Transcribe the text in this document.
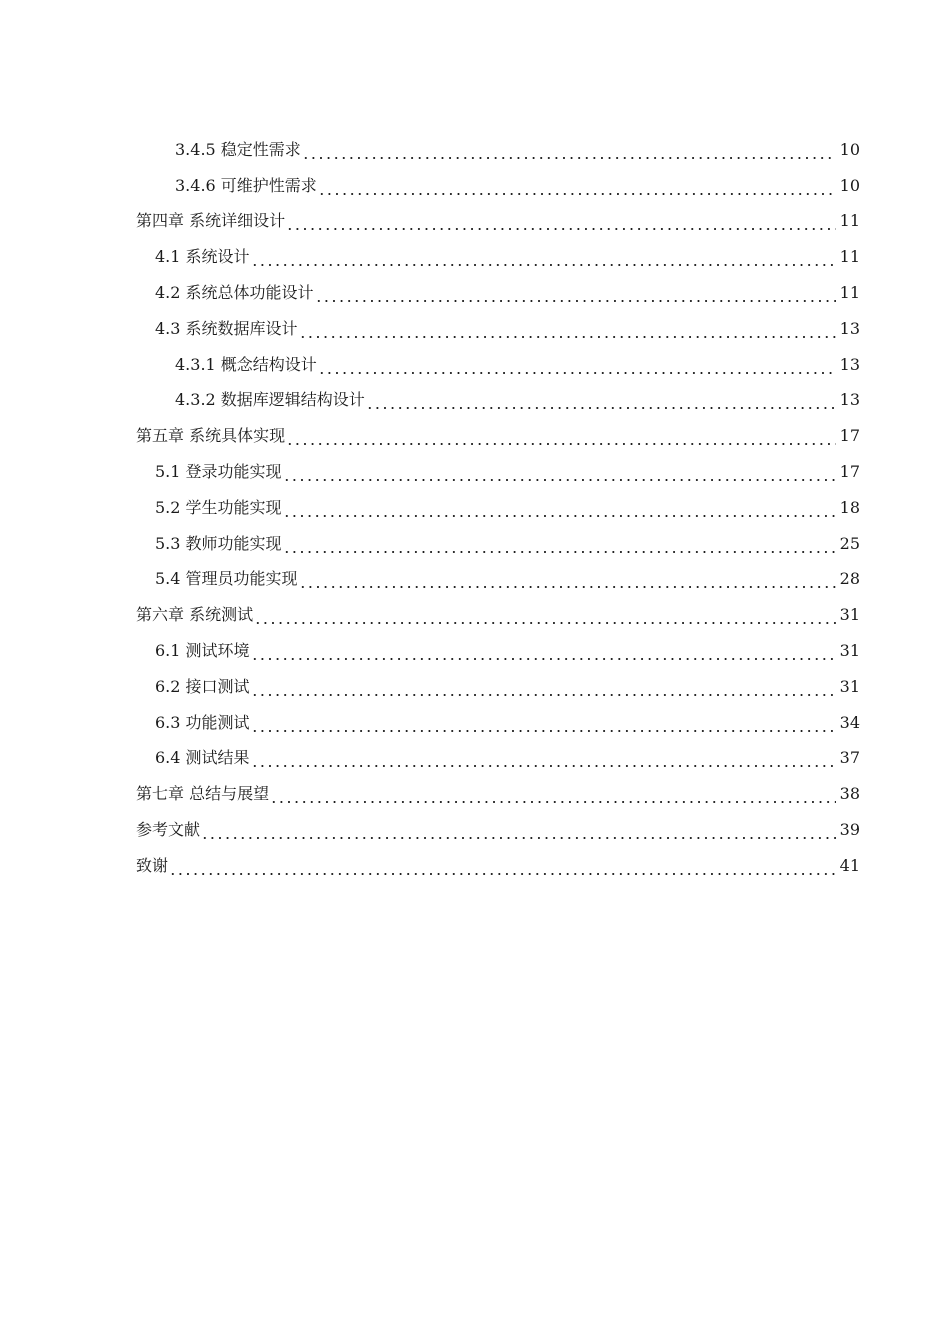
3.4.5 稳定性需求	10
3.4.6 可维护性需求	10
第四章 系统详细设计	11
4.1 系统设计	11
4.2 系统总体功能设计	11
4.3 系统数据库设计	13
4.3.1 概念结构设计	13
4.3.2 数据库逻辑结构设计	13
第五章 系统具体实现	17
5.1 登录功能实现	17
5.2 学生功能实现	18
5.3 教师功能实现	25
5.4 管理员功能实现	28
第六章 系统测试	31
6.1 测试环境	31
6.2 接口测试	31
6.3 功能测试	34
6.4 测试结果	37
第七章 总结与展望	38
参考文献	39
致谢	41
